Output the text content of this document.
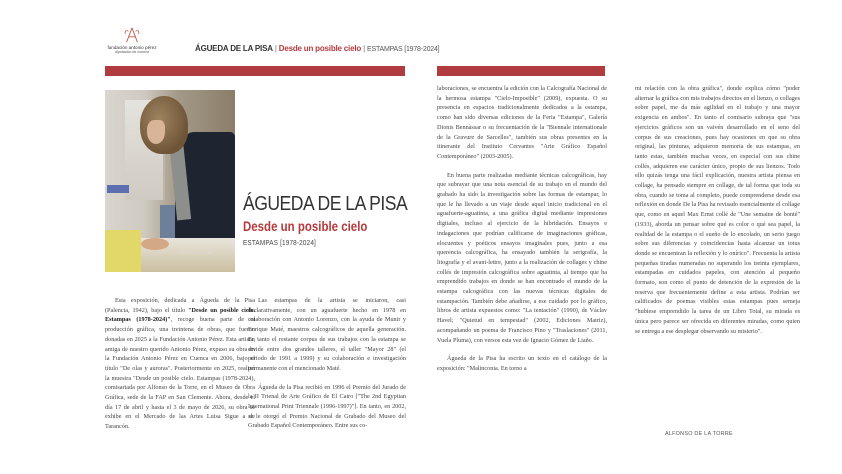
fundación antonio pérez
diputación de cuenca	ÁGUEDA DE LA PISA | Desde un posible cielo | ESTAMPAS [1978-2024]
Águeda de la Pisa en su taller
ÁGUEDA DE LA PISA
Desde un posible cielo
ESTAMPAS [1978-2024]

Esta exposición, dedicada a Águeda de la Pisa (Palencia, 1942), bajo el título "Desde un posible cielo. Estampas (1978-2024)", recoge buena parte de su producción gráfica, una treintena de obras, que fueron donadas en 2025 a la Fundación Antonio Pérez. Esta artista, amiga de nuestro querido Antonio Pérez, expuso su obra en la Fundación Antonio Pérez en Cuenca en 2006, bajo el título "De olas y auroras". Posteriormente en 2025, realizó la muestra "Desde un posible cielo. Estampas (1978-2024), comisariada por Alfonso de la Torre, en el Museo de Obra Gráfica, sede de la FAP en San Clemente. Ahora, desde el día 17 de abril y hasta el 3 de mayo de 2026, su obra se exhibe en el Mercado de las Artes Luisa Sigue a de Tarancón.

Las estampas de la artista se iniciaron, casi declarativamente, con un aguafuerte hecho en 1978 en colaboración con Antonio Lorenzo, con la ayuda de Munir y Enrique Maté, maestros calcográficos de aquella generación. En tanto el restante corpus de sus trabajos con la estampa se divide entre dos grandes talleres, el taller "Mayor 28" (el periodo de 1991 a 1999) y su colaboración e investigación permanente con el mencionado Maté.

Águeda de la Pisa recibió en 1996 el Premio del Jurado de la II Trienal de Arte Gráfico de El Cairo ["The 2nd Egyptian International Print Triennale (1996-1997)"]. En tanto, en 2002, se le otorgó el Premio Nacional de Grabado del Museo del Grabado Español Contemporáneo. Entre sus co-

laboraciones, se encuentra la edición con la Calcografía Nacional de la hermosa estampa "Cielo-Imposible" (2009), expuesta. O su presencia en espacios tradicionalmente dedicados a la estampa, como han sido diversas ediciones de la Feria "Estampa", Galería Dionis Bennàssar o su frecuentación de la "Biennale internationale de la Gravure de Sarcelles", también sus obras presentes en la itinerante del Instituto Cervantes "Arte Gráfico Español Contemporáneo" (2003-2005).

En buena parte realizadas mediante técnicas calcográficas, hay que subrayar que una nota esencial de su trabajo en el mundo del grabado ha sido la investigación sobre las formas de estampar, lo que le ha llevado a un viaje desde aquel inicio tradicional en el aguafuerte-aguatinta, a una gráfica digital mediante impresiones digitales, incluso al ejercicio de la hibridación. Ensayos e indagaciones que podrían calificarse de imaginaciones gráficas, elocuentes y poéticos ensayos imaginales pues, junto a esa querencia calcográfica, ha ensayado también la serigrafía, la litografía y el avant-lettre, junto a la realización de collages y chine collés de impresión calcográfica sobre aguatinta, al tiempo que ha emprendido trabajos en donde se han encontrado el mundo de la estampa calcográfica con las nuevas técnicas digitales de estampación. También debe añadirse, a ese cuidado por lo gráfico, libros de artista expuestos como: "La tentación" (1990), de Václav Havel; "Quietud en tempestad" (2002, Ediciones Matriz), acompañando un poema de Francisco Pino y "Traslaciones" (2011, Vuela Pluma), con versos esta vez de Ignacio Gómez de Liaño.

Águeda de la Pisa ha escrito un texto en el catálogo de la exposición: "Malinconia. En torno a

mi relación con la obra gráfica", donde explica cómo "poder alternar la gráfica con mis trabajos directos en el lienzo, o collages sobre papel, me da más agilidad en el trabajo y una mayor exigencia en ambos". En tanto el comisario subraya que "sus ejercicios gráficos son un vaivén desarrollado en el seno del corpus de sus creaciones, pues hay ocasiones en que su obra original, las pinturas, adquieron memoria de sus estampas, en tanto estas, también muchas veces, en especial con sus chine collés, adquieren ese carácter único, propio de sus lienzos. Todo ello quizás tenga una fácil explicación, nuestra artista piensa en collage, ha pensado siempre en collage, de tal forma que toda su obra, cuando se toma al completo, puede comprenderse desde esa reflexión en donde De la Pisa ha revisado esencialmente el collage que, como en aquel Max Ernst collé de "Une semaine de bonté" (1933), aborda un pensar sobre qué es color o qué sea papel, la realidad de la estampa o el sueño de lo encolado, un serio juego sobre sus diferencias y coincidencias hasta alcanzar un totus donde se encuentran la reflexión y lo onírico". Frecuenta la artista pequeñas tiradas numeradas no superando los treinta ejemplares, estampadas en cuidados papeles, con atención al pequeño formato, son como el punto de detención de la expresión de la reserva que frecuentemente define a esta artista. Podrían ser calificados de poemas visibles estas estampas pues semeja "hubiese emprendido la tarea de un Libro Total, su mirada es única pero parece ser ofrecida en diferentes miradas, como quien se entrega a ese desplegar observando su misterio".

ALFONSO DE LA TORRE
